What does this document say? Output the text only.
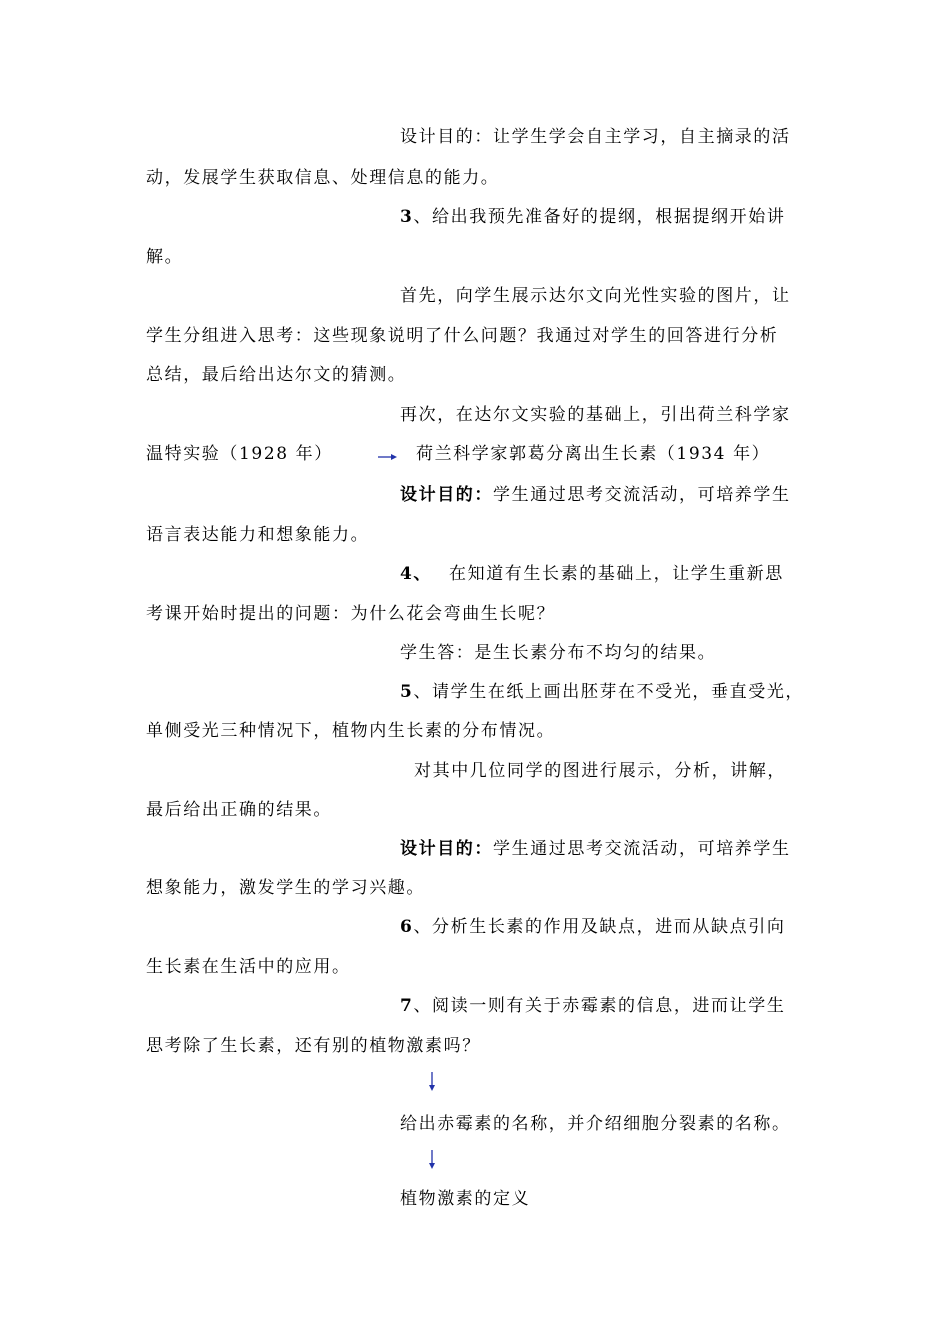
设计目的：让学生学会自主学习，自主摘录的活
动，发展学生获取信息、处理信息的能力。
3、给出我预先准备好的提纲，根据提纲开始讲
解。
首先，向学生展示达尔文向光性实验的图片，让
学生分组进入思考：这些现象说明了什么问题？我通过对学生的回答进行分析
总结，最后给出达尔文的猜测。
再次，在达尔文实验的基础上，引出荷兰科学家
温特实验（1928 年）	荷兰科学家郭葛分离出生长素（1934 年）
设计目的：学生通过思考交流活动，可培养学生
语言表达能力和想象能力。
4、 在知道有生长素的基础上，让学生重新思
考课开始时提出的问题：为什么花会弯曲生长呢？
学生答：是生长素分布不均匀的结果。
5、请学生在纸上画出胚芽在不受光，垂直受光，
单侧受光三种情况下，植物内生长素的分布情况。
对其中几位同学的图进行展示，分析，讲解，
最后给出正确的结果。
设计目的：学生通过思考交流活动，可培养学生
想象能力，激发学生的学习兴趣。
6、分析生长素的作用及缺点，进而从缺点引向
生长素在生活中的应用。
7、阅读一则有关于赤霉素的信息，进而让学生
思考除了生长素，还有别的植物激素吗？
给出赤霉素的名称，并介绍细胞分裂素的名称。
植物激素的定义
